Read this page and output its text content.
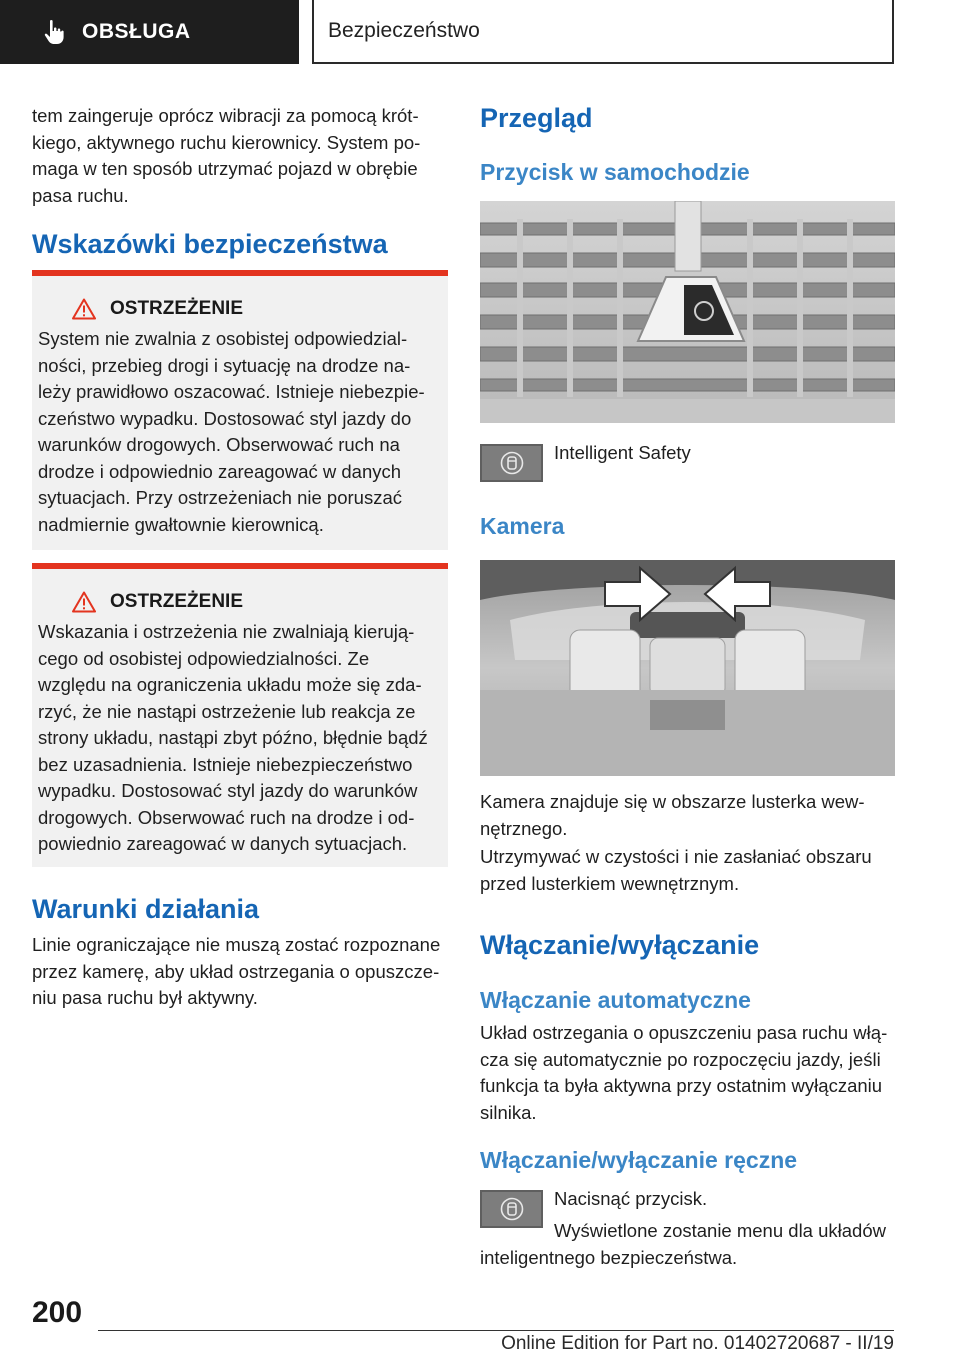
OBSŁUGA	Bezpieczeństwo

tem zaingeruje oprócz wibracji za pomocą krótkiego, aktywnego ruchu kierownicy. System pomaga w ten sposób utrzymać pojazd w obrębie pasa ruchu.

Wskazówki bezpieczeństwa
OSTRZEŻENIE

System nie zwalnia z osobistej odpowiedzialności, przebieg drogi i sytuację na drodze należy prawidłowo oszacować. Istnieje niebezpieczeństwo wypadku. Dostosować styl jazdy do warunków drogowych. Obserwować ruch na drodze i odpowiednio zareagować w danych sytuacjach. Przy ostrzeżeniach nie poruszać nadmiernie gwałtownie kierownicą.

OSTRZEŻENIE

Wskazania i ostrzeżenia nie zwalniają kierującego od osobistej odpowiedzialności. Ze względu na ograniczenia układu może się zdarzyć, że nie nastąpi ostrzeżenie lub reakcja ze strony układu, nastąpi zbyt późno, błędnie bądź bez uzasadnienia. Istnieje niebezpieczeństwo wypadku. Dostosować styl jazdy do warunków drogowych. Obserwować ruch na drodze i odpowiednio zareagować w danych sytuacjach.

Warunki działania

Linie ograniczające nie muszą zostać rozpoznane przez kamerę, aby układ ostrzegania o opuszczeniu pasa ruchu był aktywny.

Przegląd
Przycisk w samochodzie
Intelligent Safety
Kamera

Kamera znajduje się w obszarze lusterka wewnętrznego.

Utrzymywać w czystości i nie zasłaniać obszaru przed lusterkiem wewnętrznym.

Włączanie/wyłączanie
Włączanie automatyczne

Układ ostrzegania o opuszczeniu pasa ruchu włącza się automatycznie po rozpoczęciu jazdy, jeśli funkcja ta była aktywna przy ostatnim wyłączaniu silnika.

Włączanie/wyłączanie ręczne
Nacisnąć przycisk.

Wyświetlone zostanie menu dla układów inteligentnego bezpieczeństwa.

200
Online Edition for Part no. 01402720687 - II/19
